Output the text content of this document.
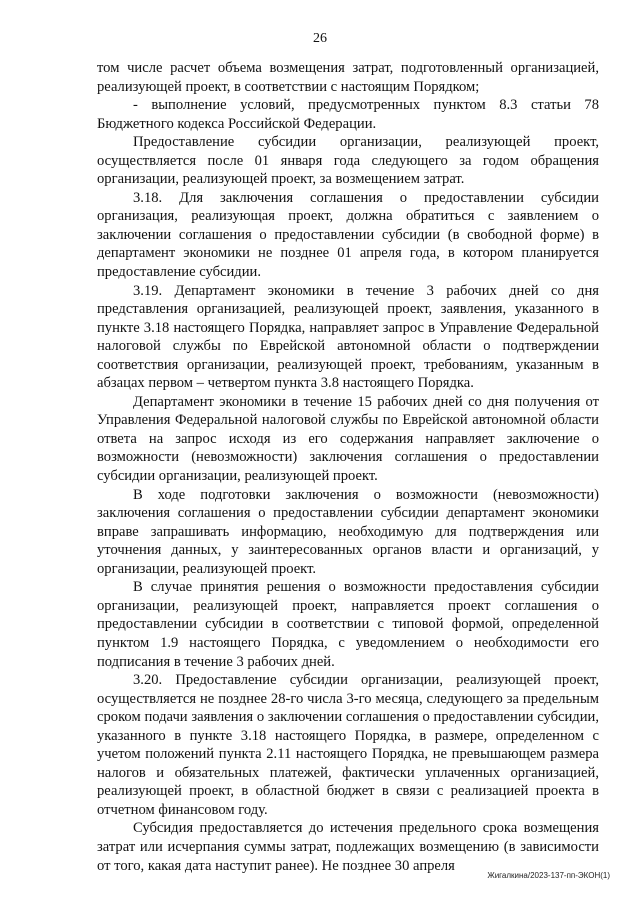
26

том числе расчет объема возмещения затрат, подготовленный организацией, реализующей проект, в соответствии с настоящим Порядком;

- выполнение условий, предусмотренных пунктом 8.3 статьи 78 Бюджетного кодекса Российской Федерации.

Предоставление субсидии организации, реализующей проект, осуществляется после 01 января года следующего за годом обращения организации, реализующей проект, за возмещением затрат.

3.18. Для заключения соглашения о предоставлении субсидии организация, реализующая проект, должна обратиться с заявлением о заключении соглашения о предоставлении субсидии (в свободной форме) в департамент экономики не позднее 01 апреля года, в котором планируется предоставление субсидии.

3.19. Департамент экономики в течение 3 рабочих дней со дня представления организацией, реализующей проект, заявления, указанного в пункте 3.18 настоящего Порядка, направляет запрос в Управление Федеральной налоговой службы по Еврейской автономной области о подтверждении соответствия организации, реализующей проект, требованиям, указанным в абзацах первом – четвертом пункта 3.8 настоящего Порядка.

Департамент экономики в течение 15 рабочих дней со дня получения от Управления Федеральной налоговой службы по Еврейской автономной области ответа на запрос исходя из его содержания направляет заключение о возможности (невозможности) заключения соглашения о предоставлении субсидии организации, реализующей проект.

В ходе подготовки заключения о возможности (невозможности) заключения соглашения о предоставлении субсидии департамент экономики вправе запрашивать информацию, необходимую для подтверждения или уточнения данных, у заинтересованных органов власти и организаций, у организации, реализующей проект.

В случае принятия решения о возможности предоставления субсидии организации, реализующей проект, направляется проект соглашения о предоставлении субсидии в соответствии с типовой формой, определенной пунктом 1.9 настоящего Порядка, с уведомлением о необходимости его подписания в течение 3 рабочих дней.

3.20. Предоставление субсидии организации, реализующей проект, осуществляется не позднее 28-го числа 3-го месяца, следующего за предельным сроком подачи заявления о заключении соглашения о предоставлении субсидии, указанного в пункте 3.18 настоящего Порядка, в размере, определенном с учетом положений пункта 2.11 настоящего Порядка, не превышающем размера налогов и обязательных платежей, фактически уплаченных организацией, реализующей проект, в областной бюджет в связи с реализацией проекта в отчетном финансовом году.

Субсидия предоставляется до истечения предельного срока возмещения затрат или исчерпания суммы затрат, подлежащих возмещению (в зависимости от того, какая дата наступит ранее). Не позднее 30 апреля

Жигалкина/2023-137-пп-ЭКОН(1)
